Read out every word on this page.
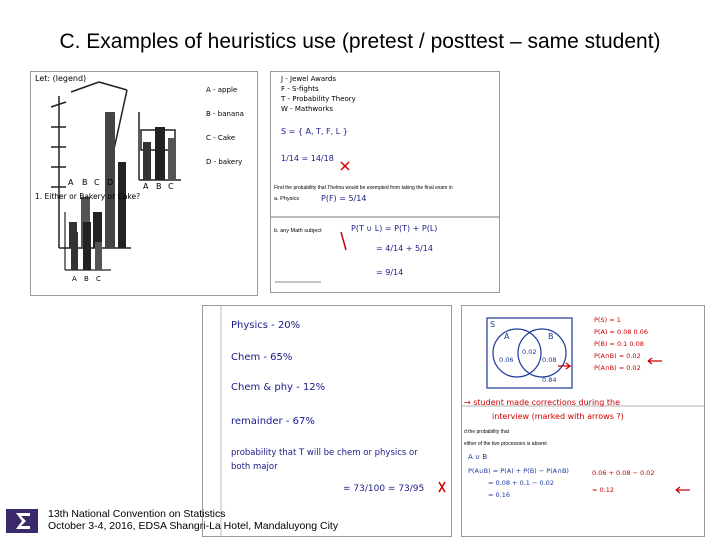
C. Examples of heuristics use (pretest / posttest – same student)
Let: (legend)
A - apple
B - banana
C - Cake
D - bakery
A B C D	A B C
1. Either or Bakery or Cake?
A B C
J - Jewel Awards
F - S-fights
T - Probability Theory
W - Mathworks
S = { A, T, F, L }
1/14 = 14/18
Find the probability that Thelma would be exempted from taking the final exam in
a. Physics	P(F) = 5/14
b. any Math subject	P(T ∪ L) = P(T) + P(L)
= 4/14 + 5/14
= 9/14
Physics - 20%
Chem - 65%
Chem & phy - 12%
remainder - 67%
probability that T will be chem or physics or both major
= 73/100 = 73/95
S
A	B
0.06
0.02
0.08
0.84
P(S) = 1
P(A) = 0.08 0.06
P(B) = 0.1 0.08
P(A∩B) = 0.02
P(A∩B) = 0.02
→ student made corrections during the
interview (marked with arrows ?)
d the probability that
either of the two processors is absent
A ∪ B
P(A∪B) = P(A) + P(B) − P(A∩B)
= 0.08 + 0.1 − 0.02
= 0.16
0.06 + 0.08 − 0.02
= 0.12
13th National Convention on Statistics
October 3-4, 2016, EDSA Shangri-La Hotel, Mandaluyong City
